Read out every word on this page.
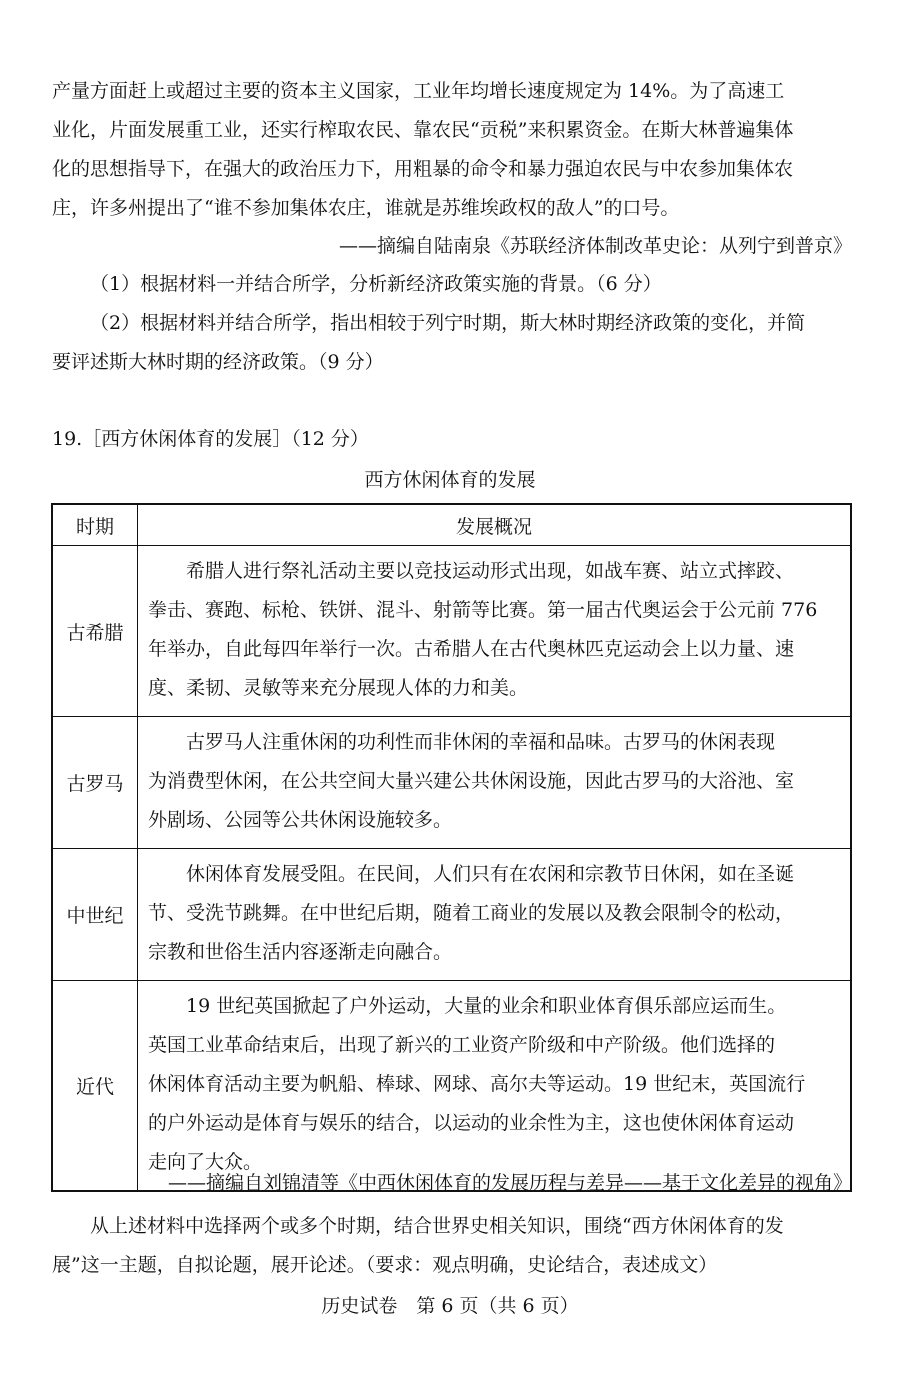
产量方面赶上或超过主要的资本主义国家，工业年均增长速度规定为 14%。为了高速工
业化，片面发展重工业，还实行榨取农民、靠农民“贡税”来积累资金。在斯大林普遍集体
化的思想指导下，在强大的政治压力下，用粗暴的命令和暴力强迫农民与中农参加集体农
庄，许多州提出了“谁不参加集体农庄，谁就是苏维埃政权的敌人”的口号。
——摘编自陆南泉《苏联经济体制改革史论：从列宁到普京》
（1）根据材料一并结合所学，分析新经济政策实施的背景。（6 分）
（2）根据材料并结合所学，指出相较于列宁时期，斯大林时期经济政策的变化，并简
要评述斯大林时期的经济政策。（9 分）
19.［西方休闲体育的发展］（12 分）
西方休闲体育的发展
时期	发展概况
古希腊	希腊人进行祭礼活动主要以竞技运动形式出现，如战车赛、站立式摔跤、
拳击、赛跑、标枪、铁饼、混斗、射箭等比赛。第一届古代奥运会于公元前 776
年举办，自此每四年举行一次。古希腊人在古代奥林匹克运动会上以力量、速
度、柔韧、灵敏等来充分展现人体的力和美。

古罗马	古罗马人注重休闲的功利性而非休闲的幸福和品味。古罗马的休闲表现
为消费型休闲，在公共空间大量兴建公共休闲设施，因此古罗马的大浴池、室
外剧场、公园等公共休闲设施较多。

中世纪	休闲体育发展受阻。在民间，人们只有在农闲和宗教节日休闲，如在圣诞
节、受洗节跳舞。在中世纪后期，随着工商业的发展以及教会限制令的松动，
宗教和世俗生活内容逐渐走向融合。

近代	19 世纪英国掀起了户外运动，大量的业余和职业体育俱乐部应运而生。
英国工业革命结束后，出现了新兴的工业资产阶级和中产阶级。他们选择的
休闲体育活动主要为帆船、棒球、网球、高尔夫等运动。19 世纪末，英国流行
的户外运动是体育与娱乐的结合，以运动的业余性为主，这也使休闲体育运动
走向了大众。
——摘编自刘锦清等《中西休闲体育的发展历程与差异——基于文化差异的视角》
从上述材料中选择两个或多个时期，结合世界史相关知识，围绕“西方休闲体育的发
展”这一主题，自拟论题，展开论述。（要求：观点明确，史论结合，表述成文）
历史试卷　第 6 页（共 6 页）
